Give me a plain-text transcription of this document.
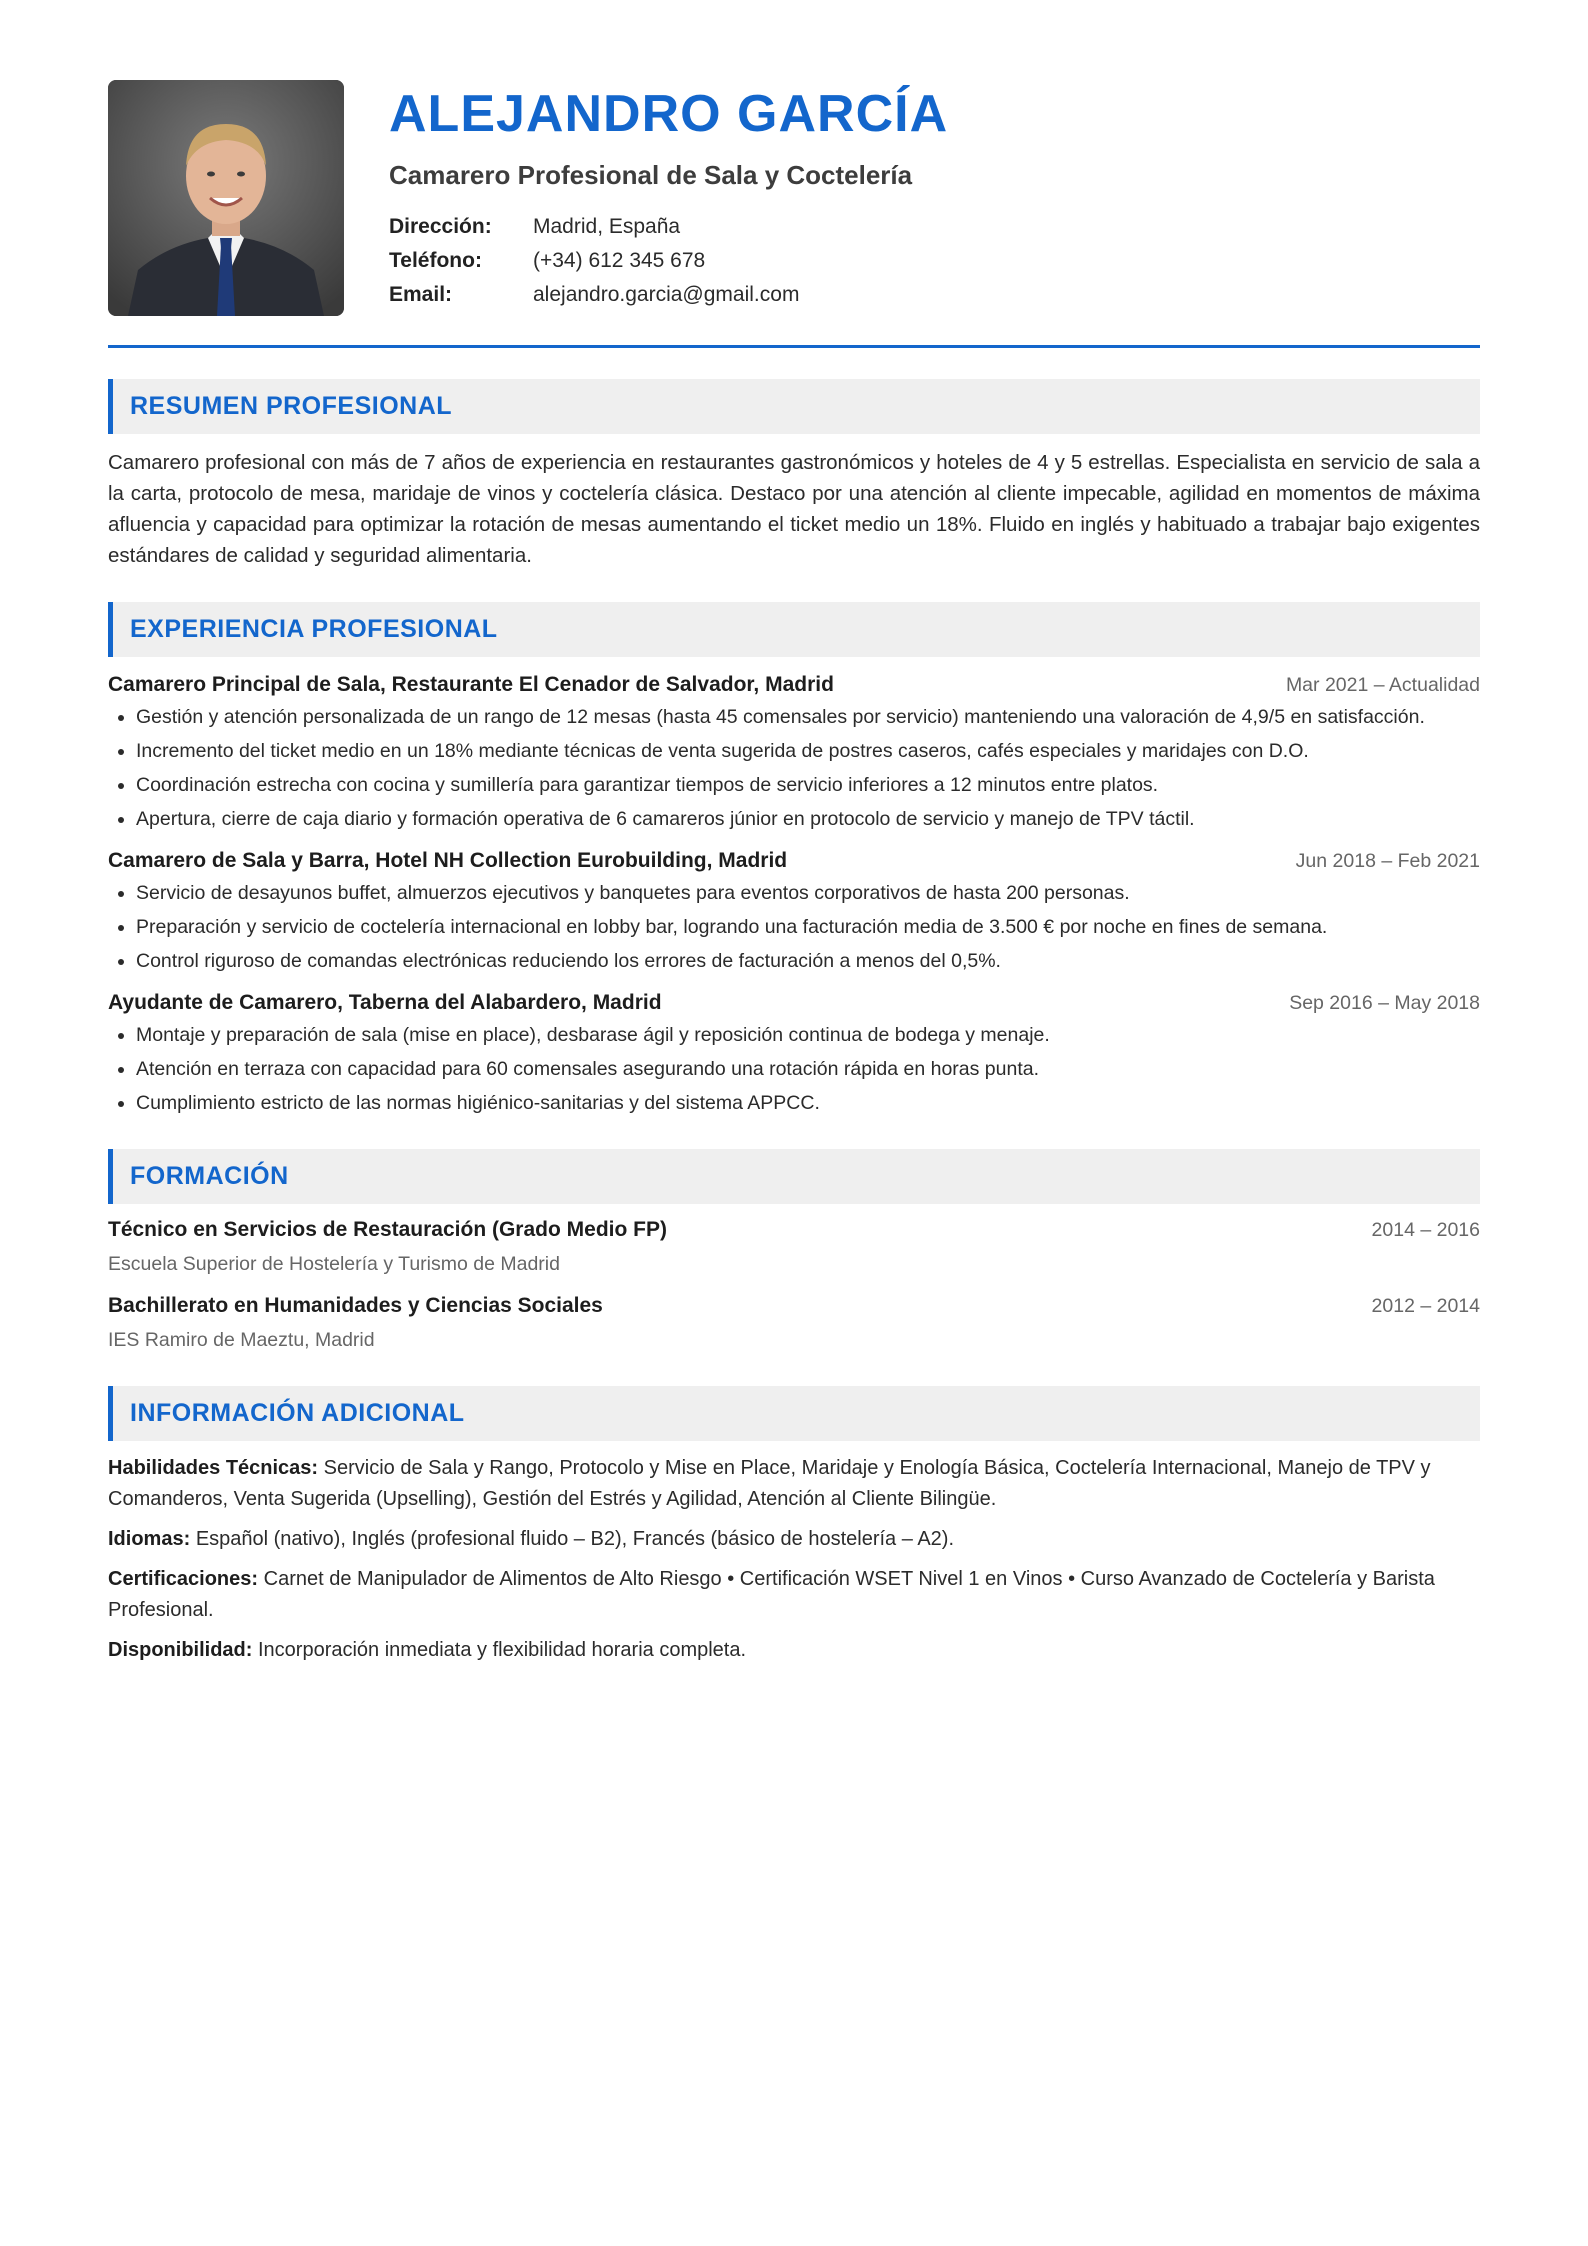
ALEJANDRO GARCÍA
Camarero Profesional de Sala y Coctelería
Dirección:	Madrid, España
Teléfono:	(+34) 612 345 678
Email:	alejandro.garcia@gmail.com
RESUMEN PROFESIONAL
Camarero profesional con más de 7 años de experiencia en restaurantes gastronómicos y hoteles de 4 y 5 estrellas. Especialista en servicio de sala a la carta, protocolo de mesa, maridaje de vinos y coctelería clásica. Destaco por una atención al cliente impecable, agilidad en momentos de máxima afluencia y capacidad para optimizar la rotación de mesas aumentando el ticket medio un 18%. Fluido en inglés y habituado a trabajar bajo exigentes estándares de calidad y seguridad alimentaria.
EXPERIENCIA PROFESIONAL
Camarero Principal de Sala, Restaurante El Cenador de Salvador, Madrid	Mar 2021 – Actualidad
• Gestión y atención personalizada de un rango de 12 mesas (hasta 45 comensales por servicio) manteniendo una valoración de 4,9/5 en satisfacción.
• Incremento del ticket medio en un 18% mediante técnicas de venta sugerida de postres caseros, cafés especiales y maridajes con D.O.
• Coordinación estrecha con cocina y sumillería para garantizar tiempos de servicio inferiores a 12 minutos entre platos.
• Apertura, cierre de caja diario y formación operativa de 6 camareros júnior en protocolo de servicio y manejo de TPV táctil.
Camarero de Sala y Barra, Hotel NH Collection Eurobuilding, Madrid	Jun 2018 – Feb 2021
• Servicio de desayunos buffet, almuerzos ejecutivos y banquetes para eventos corporativos de hasta 200 personas.
• Preparación y servicio de coctelería internacional en lobby bar, logrando una facturación media de 3.500 € por noche en fines de semana.
• Control riguroso de comandas electrónicas reduciendo los errores de facturación a menos del 0,5%.
Ayudante de Camarero, Taberna del Alabardero, Madrid	Sep 2016 – May 2018
• Montaje y preparación de sala (mise en place), desbarase ágil y reposición continua de bodega y menaje.
• Atención en terraza con capacidad para 60 comensales asegurando una rotación rápida en horas punta.
• Cumplimiento estricto de las normas higiénico-sanitarias y del sistema APPCC.
FORMACIÓN
Técnico en Servicios de Restauración (Grado Medio FP)	2014 – 2016
Escuela Superior de Hostelería y Turismo de Madrid
Bachillerato en Humanidades y Ciencias Sociales	2012 – 2014
IES Ramiro de Maeztu, Madrid
INFORMACIÓN ADICIONAL
Habilidades Técnicas: Servicio de Sala y Rango, Protocolo y Mise en Place, Maridaje y Enología Básica, Coctelería Internacional, Manejo de TPV y Comanderos, Venta Sugerida (Upselling), Gestión del Estrés y Agilidad, Atención al Cliente Bilingüe.
Idiomas: Español (nativo), Inglés (profesional fluido – B2), Francés (básico de hostelería – A2).
Certificaciones: Carnet de Manipulador de Alimentos de Alto Riesgo • Certificación WSET Nivel 1 en Vinos • Curso Avanzado de Coctelería y Barista Profesional.
Disponibilidad: Incorporación inmediata y flexibilidad horaria completa.
